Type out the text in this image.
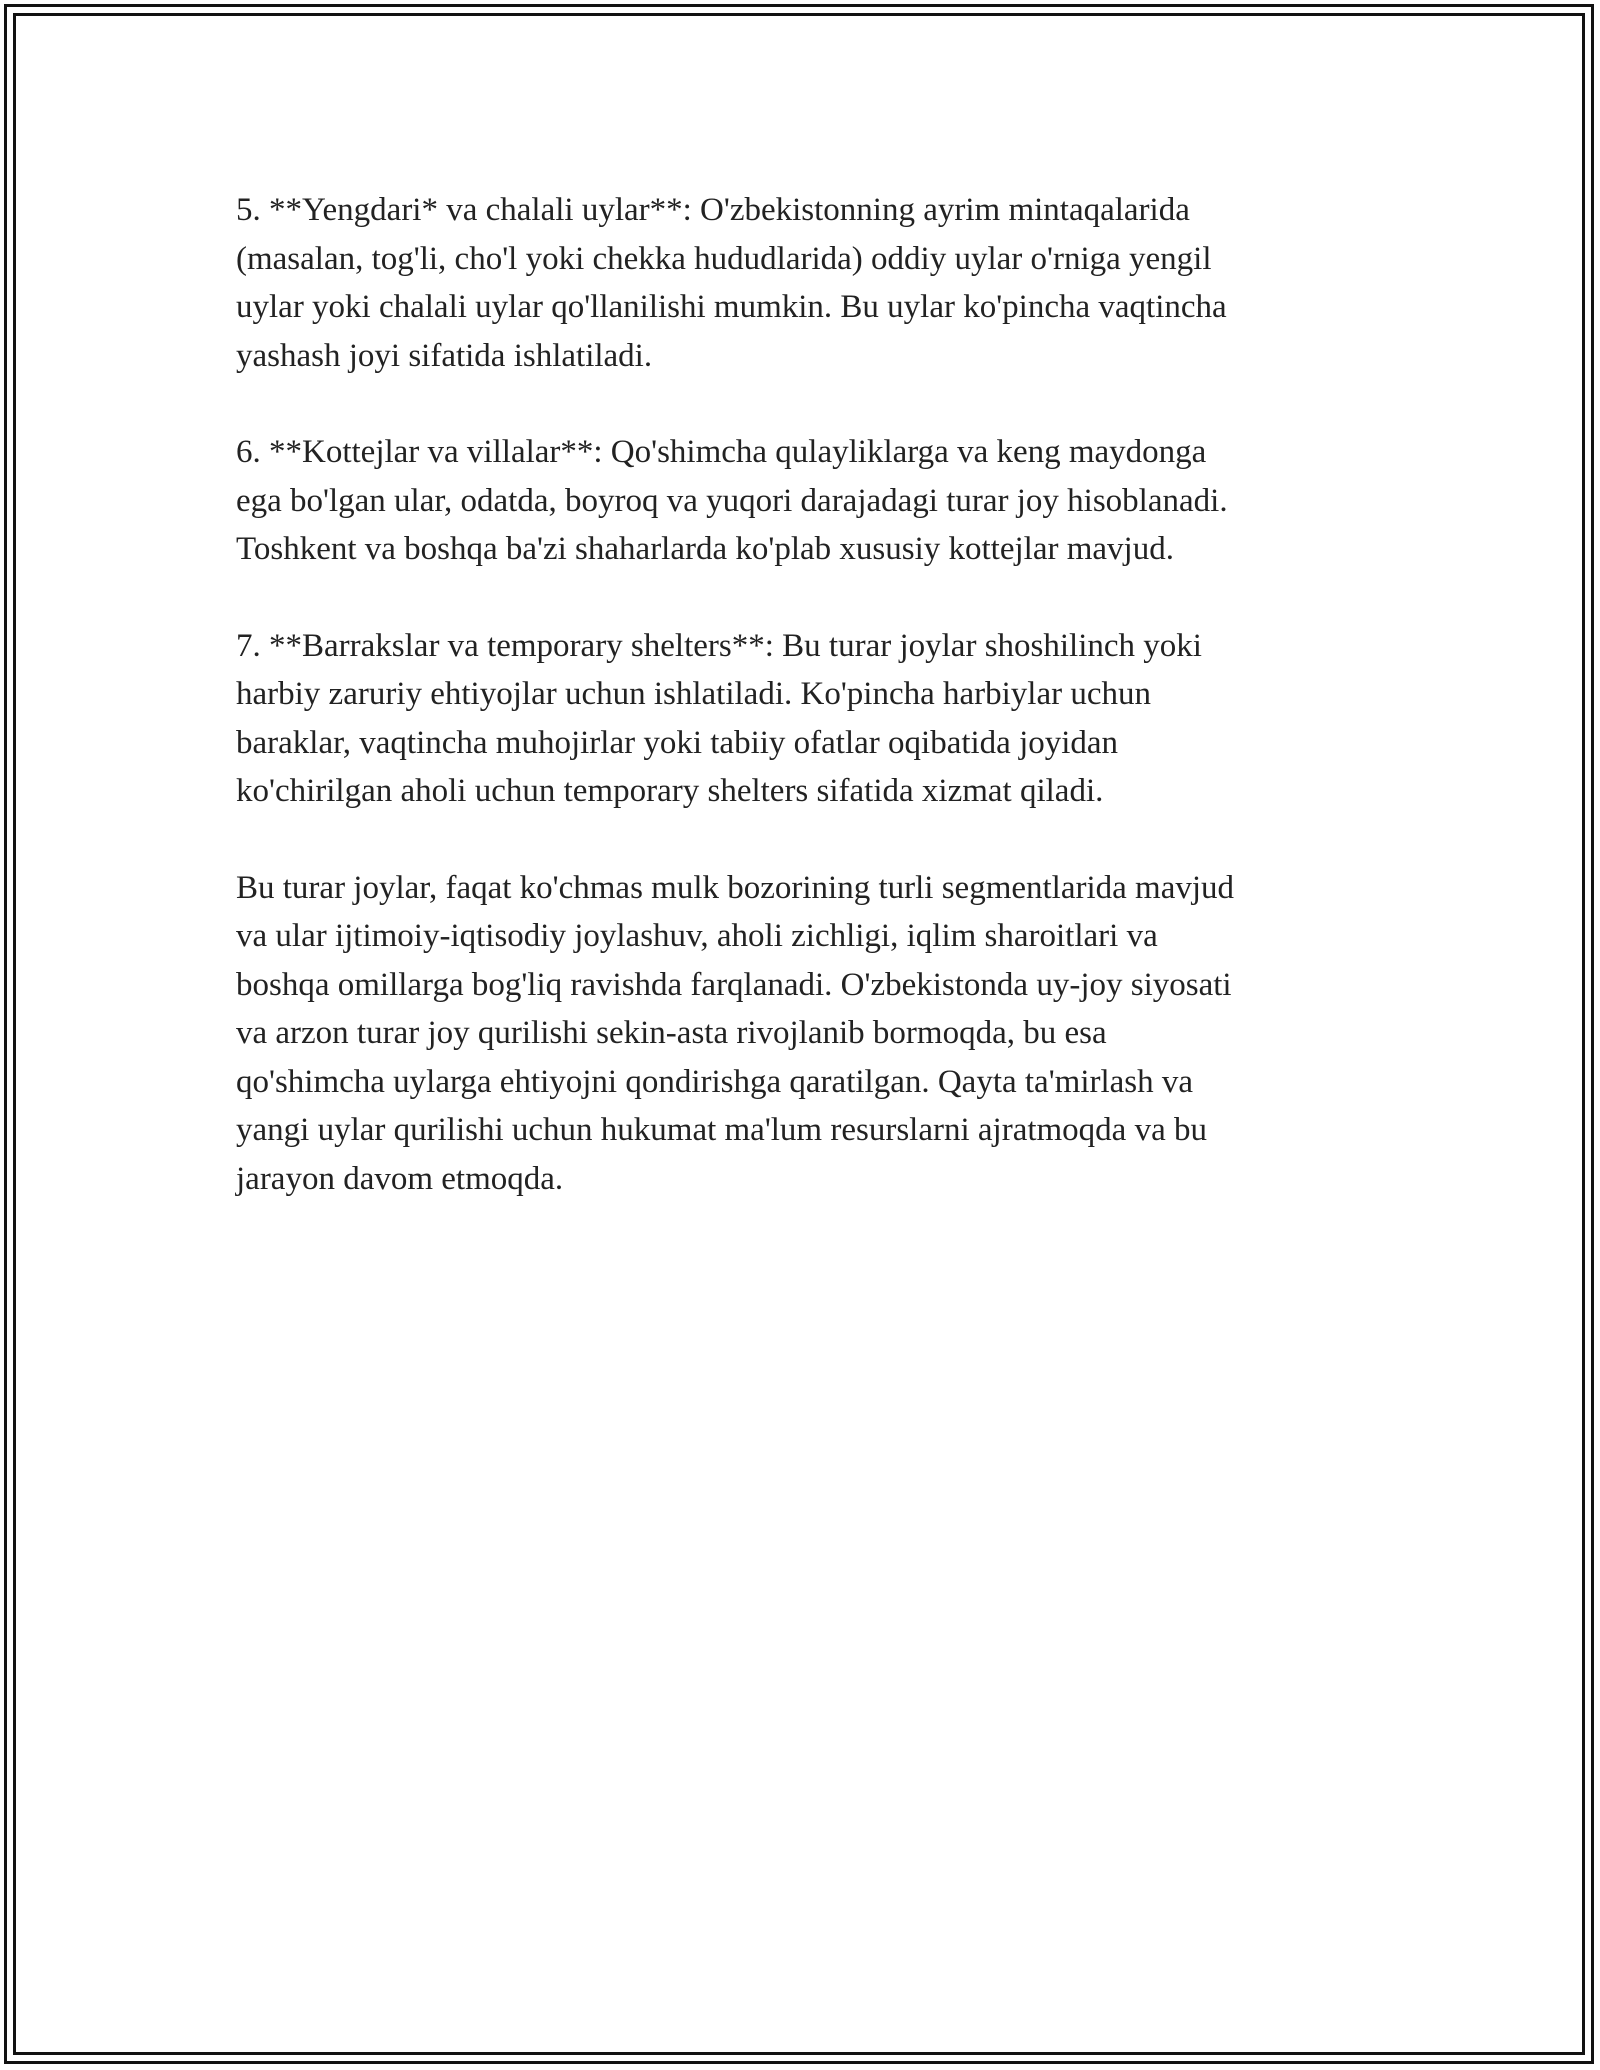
5. **Yengdari* va chalali uylar**: O'zbekistonning ayrim mintaqalarida
(masalan, tog'li, cho'l yoki chekka hududlarida) oddiy uylar o'rniga yengil
uylar yoki chalali uylar qo'llanilishi mumkin. Bu uylar ko'pincha vaqtincha
yashash joyi sifatida ishlatiladi.

6. **Kottejlar va villalar**: Qo'shimcha qulayliklarga va keng maydonga
ega bo'lgan ular, odatda, boyroq va yuqori darajadagi turar joy hisoblanadi.
Toshkent va boshqa ba'zi shaharlarda ko'plab xususiy kottejlar mavjud.

7. **Barrakslar va temporary shelters**: Bu turar joylar shoshilinch yoki
harbiy zaruriy ehtiyojlar uchun ishlatiladi. Ko'pincha harbiylar uchun
baraklar, vaqtincha muhojirlar yoki tabiiy ofatlar oqibatida joyidan
ko'chirilgan aholi uchun temporary shelters sifatida xizmat qiladi.

Bu turar joylar, faqat ko'chmas mulk bozorining turli segmentlarida mavjud
va ular ijtimoiy-iqtisodiy joylashuv, aholi zichligi, iqlim sharoitlari va
boshqa omillarga bog'liq ravishda farqlanadi. O'zbekistonda uy-joy siyosati
va arzon turar joy qurilishi sekin-asta rivojlanib bormoqda, bu esa
qo'shimcha uylarga ehtiyojni qondirishga qaratilgan. Qayta ta'mirlash va
yangi uylar qurilishi uchun hukumat ma'lum resurslarni ajratmoqda va bu
jarayon davom etmoqda.
